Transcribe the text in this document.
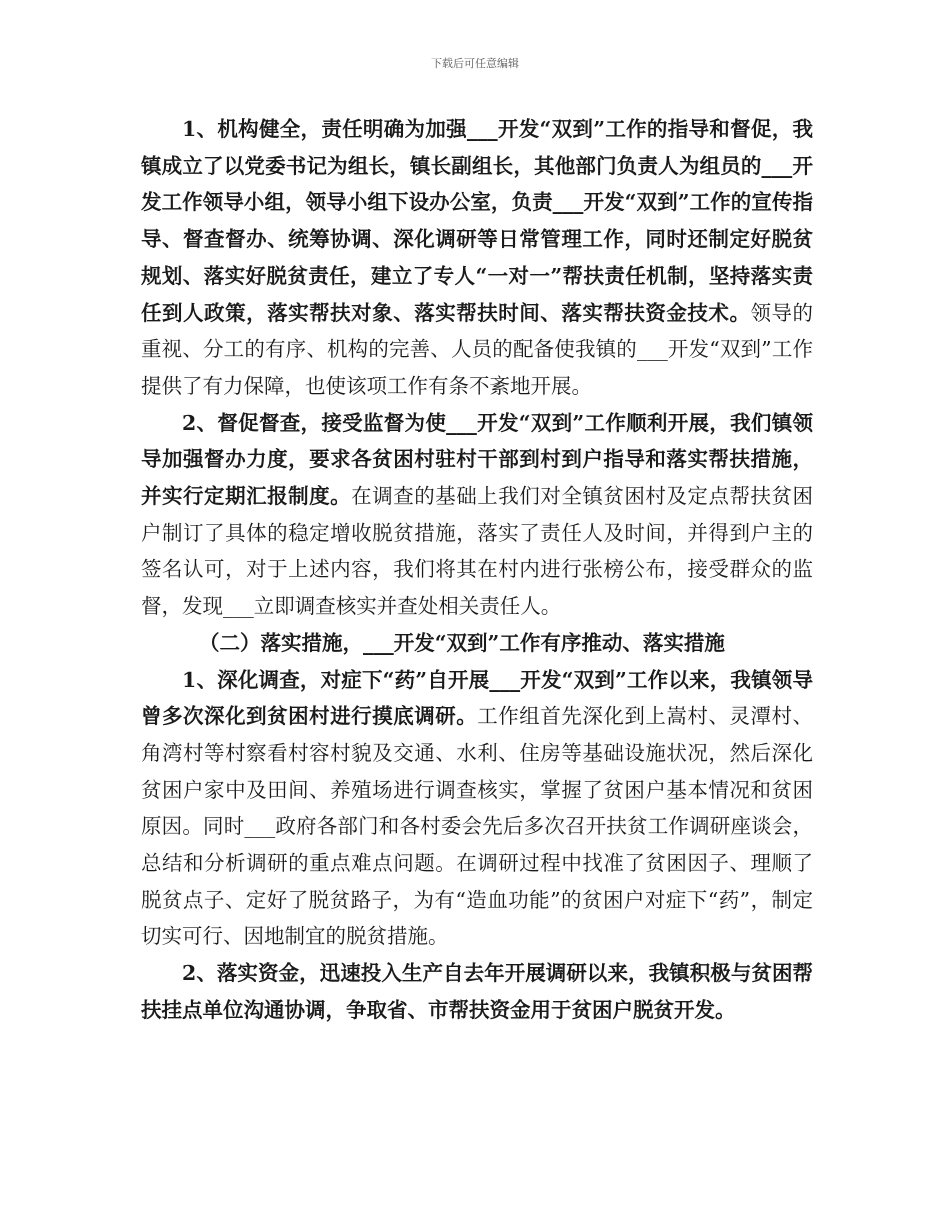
下载后可任意编辑

1、机构健全，责任明确为加强___开发“双到”工作的指导和督促，我镇成立了以党委书记为组长，镇长副组长，其他部门负责人为组员的___开发工作领导小组，领导小组下设办公室，负责___开发“双到”工作的宣传指导、督查督办、统筹协调、深化调研等日常管理工作，同时还制定好脱贫规划、落实好脱贫责任，建立了专人“一对一”帮扶责任机制，坚持落实责任到人政策，落实帮扶对象、落实帮扶时间、落实帮扶资金技术。领导的重视、分工的有序、机构的完善、人员的配备使我镇的___开发“双到”工作提供了有力保障，也使该项工作有条不紊地开展。

2、督促督查，接受监督为使___开发“双到”工作顺利开展，我们镇领导加强督办力度，要求各贫困村驻村干部到村到户指导和落实帮扶措施，并实行定期汇报制度。在调查的基础上我们对全镇贫困村及定点帮扶贫困户制订了具体的稳定增收脱贫措施，落实了责任人及时间，并得到户主的签名认可，对于上述内容，我们将其在村内进行张榜公布，接受群众的监督，发现___立即调查核实并查处相关责任人。

（二）落实措施，___开发“双到”工作有序推动、落实措施

1、深化调查，对症下“药”自开展___开发“双到”工作以来，我镇领导曾多次深化到贫困村进行摸底调研。工作组首先深化到上嵩村、灵潭村、角湾村等村察看村容村貌及交通、水利、住房等基础设施状况，然后深化贫困户家中及田间、养殖场进行调查核实，掌握了贫困户基本情况和贫困原因。同时___政府各部门和各村委会先后多次召开扶贫工作调研座谈会，总结和分析调研的重点难点问题。在调研过程中找准了贫困因子、理顺了脱贫点子、定好了脱贫路子，为有“造血功能”的贫困户对症下“药”，制定切实可行、因地制宜的脱贫措施。

2、落实资金，迅速投入生产自去年开展调研以来，我镇积极与贫困帮扶挂点单位沟通协调，争取省、市帮扶资金用于贫困户脱贫开发。
